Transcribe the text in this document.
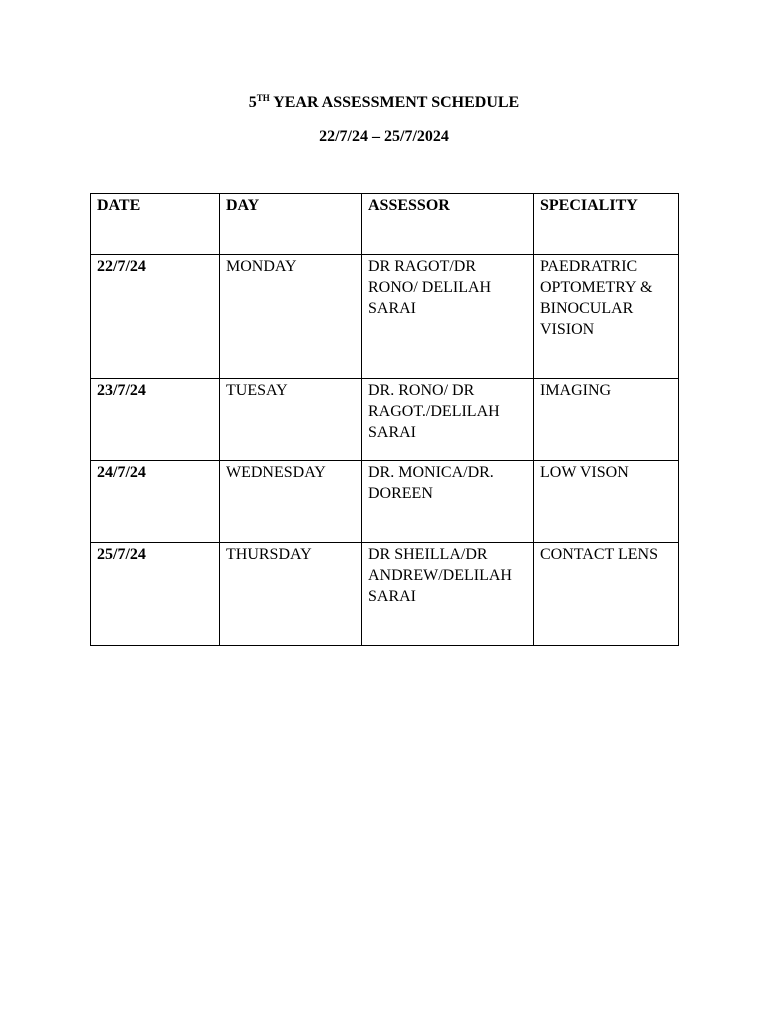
5TH YEAR ASSESSMENT SCHEDULE
22/7/24 – 25/7/2024
DATE	DAY	ASSESSOR	SPECIALITY
22/7/24	MONDAY	DR RAGOT/DR RONO/ DELILAH SARAI	PAEDRATRIC OPTOMETRY & BINOCULAR VISION
23/7/24	TUESAY	DR. RONO/ DR RAGOT./DELILAH SARAI	IMAGING
24/7/24	WEDNESDAY	DR. MONICA/DR. DOREEN	LOW VISON
25/7/24	THURSDAY	DR SHEILLA/DR ANDREW/DELILAH SARAI	CONTACT LENS
